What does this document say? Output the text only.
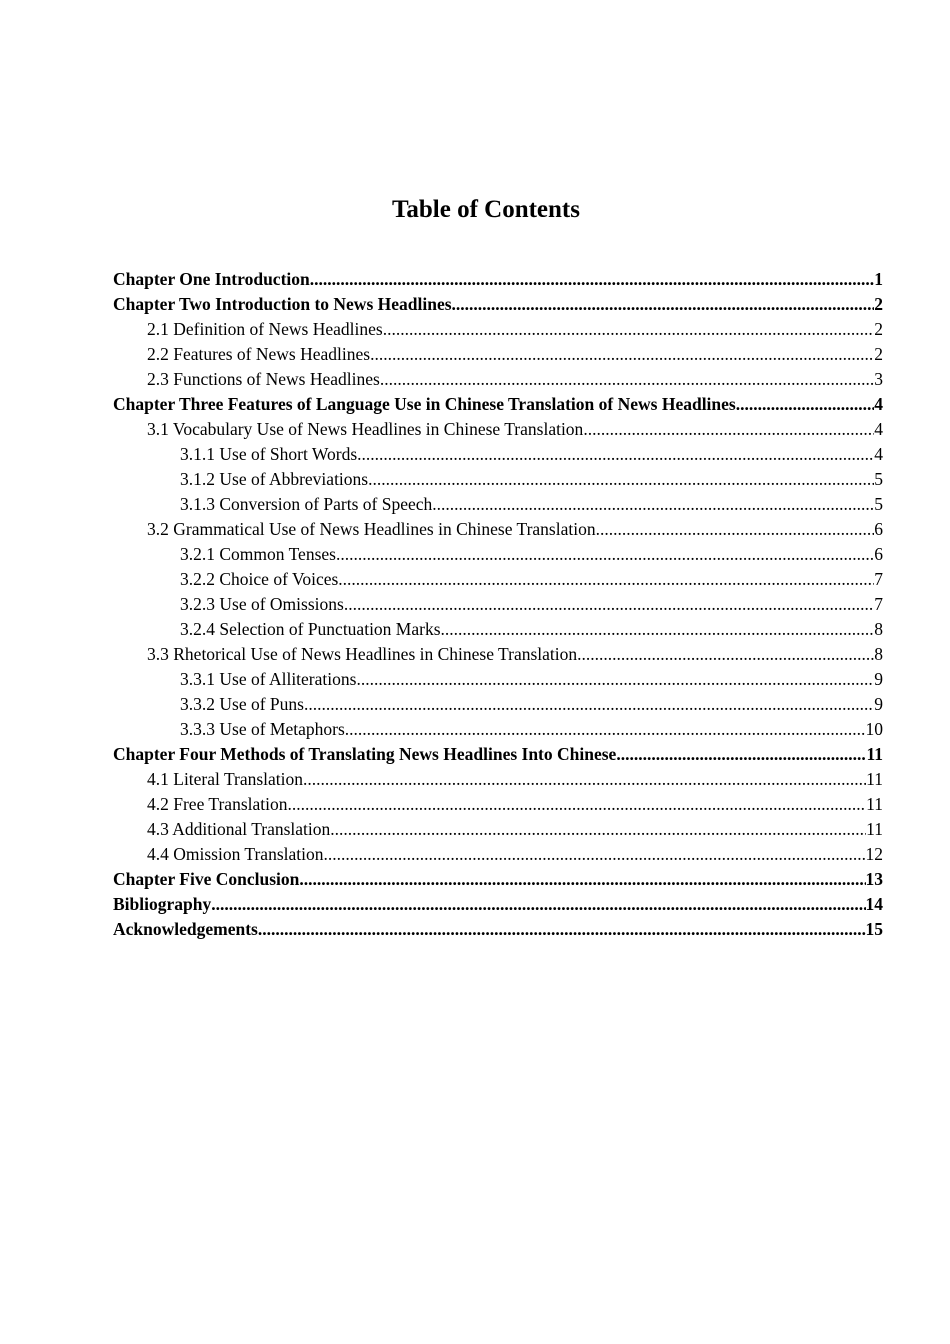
Table of Contents
Chapter One Introduction .....	1
Chapter Two Introduction to News Headlines .....	2
2.1 Definition of News Headlines .....	2
2.2 Features of News Headlines .....	2
2.3 Functions of News Headlines .....	3
Chapter Three Features of Language Use in Chinese Translation of News Headlines .....	4
3.1 Vocabulary Use of News Headlines in Chinese Translation .....	4
3.1.1 Use of Short Words .....	4
3.1.2 Use of Abbreviations .....	5
3.1.3 Conversion of Parts of Speech .....	5
3.2 Grammatical Use of News Headlines in Chinese Translation .....	6
3.2.1 Common Tenses .....	6
3.2.2 Choice of Voices .....	7
3.2.3 Use of Omissions .....	7
3.2.4 Selection of Punctuation Marks .....	8
3.3 Rhetorical Use of News Headlines in Chinese Translation .....	8
3.3.1 Use of Alliterations .....	9
3.3.2 Use of Puns .....	9
3.3.3 Use of Metaphors .....	10
Chapter Four Methods of Translating News Headlines Into Chinese .....	11
4.1 Literal Translation .....	11
4.2 Free Translation .....	11
4.3 Additional Translation .....	11
4.4 Omission Translation .....	12
Chapter Five Conclusion .....	13
Bibliography .....	14
Acknowledgements .....	15
